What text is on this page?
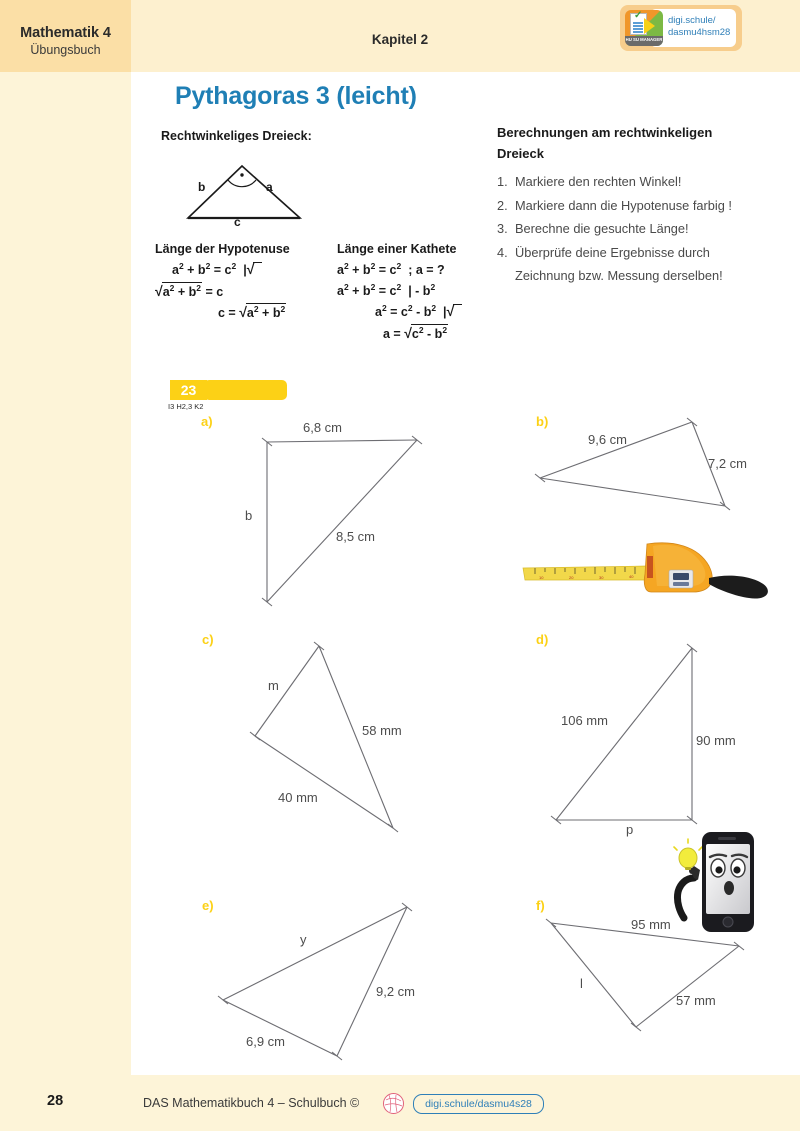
Mathematik 4
Übungsbuch
Kapitel 2
✓
HU SU MANAGER
digi.schule/
dasmu4hsm28
Pythagoras 3 (leicht)
Rechtwinkeliges Dreieck:
b	a
c
Länge der Hypotenuse
$a^2 + b^2 = c^2$  |√
$√a^2 + b^2 = c$
$c = √a^2 + b^2$
Länge einer Kathete
$a^2 + b^2 = c^2$  ; a = ?
$a^2 + b^2 = c^2$  | - $b^2$
$a^2 = c^2 - b^2$  |√
$a = √c^2 - b^2$
Berechnungen am rechtwinkeligen Dreieck
1. Markiere den rechten Winkel!
2. Markiere dann die Hypotenuse farbig !
3. Berechne die gesuchte Länge!
4. Überprüfe deine Ergebnisse durch Zeichnung bzw. Messung derselben!
23
I3 H2,3 K2
a)	6,8 cm
b
8,5 cm
b)
9,6 cm
7,2 cm
10	20	30	40
c)
m
58 mm
40 mm
d)
106 mm
90 mm
p
e)
y
9,2 cm
6,9 cm
f)
95 mm
l
57 mm
28	DAS Mathematikbuch 4 – Schulbuch ©	digi.schule/dasmu4s28
